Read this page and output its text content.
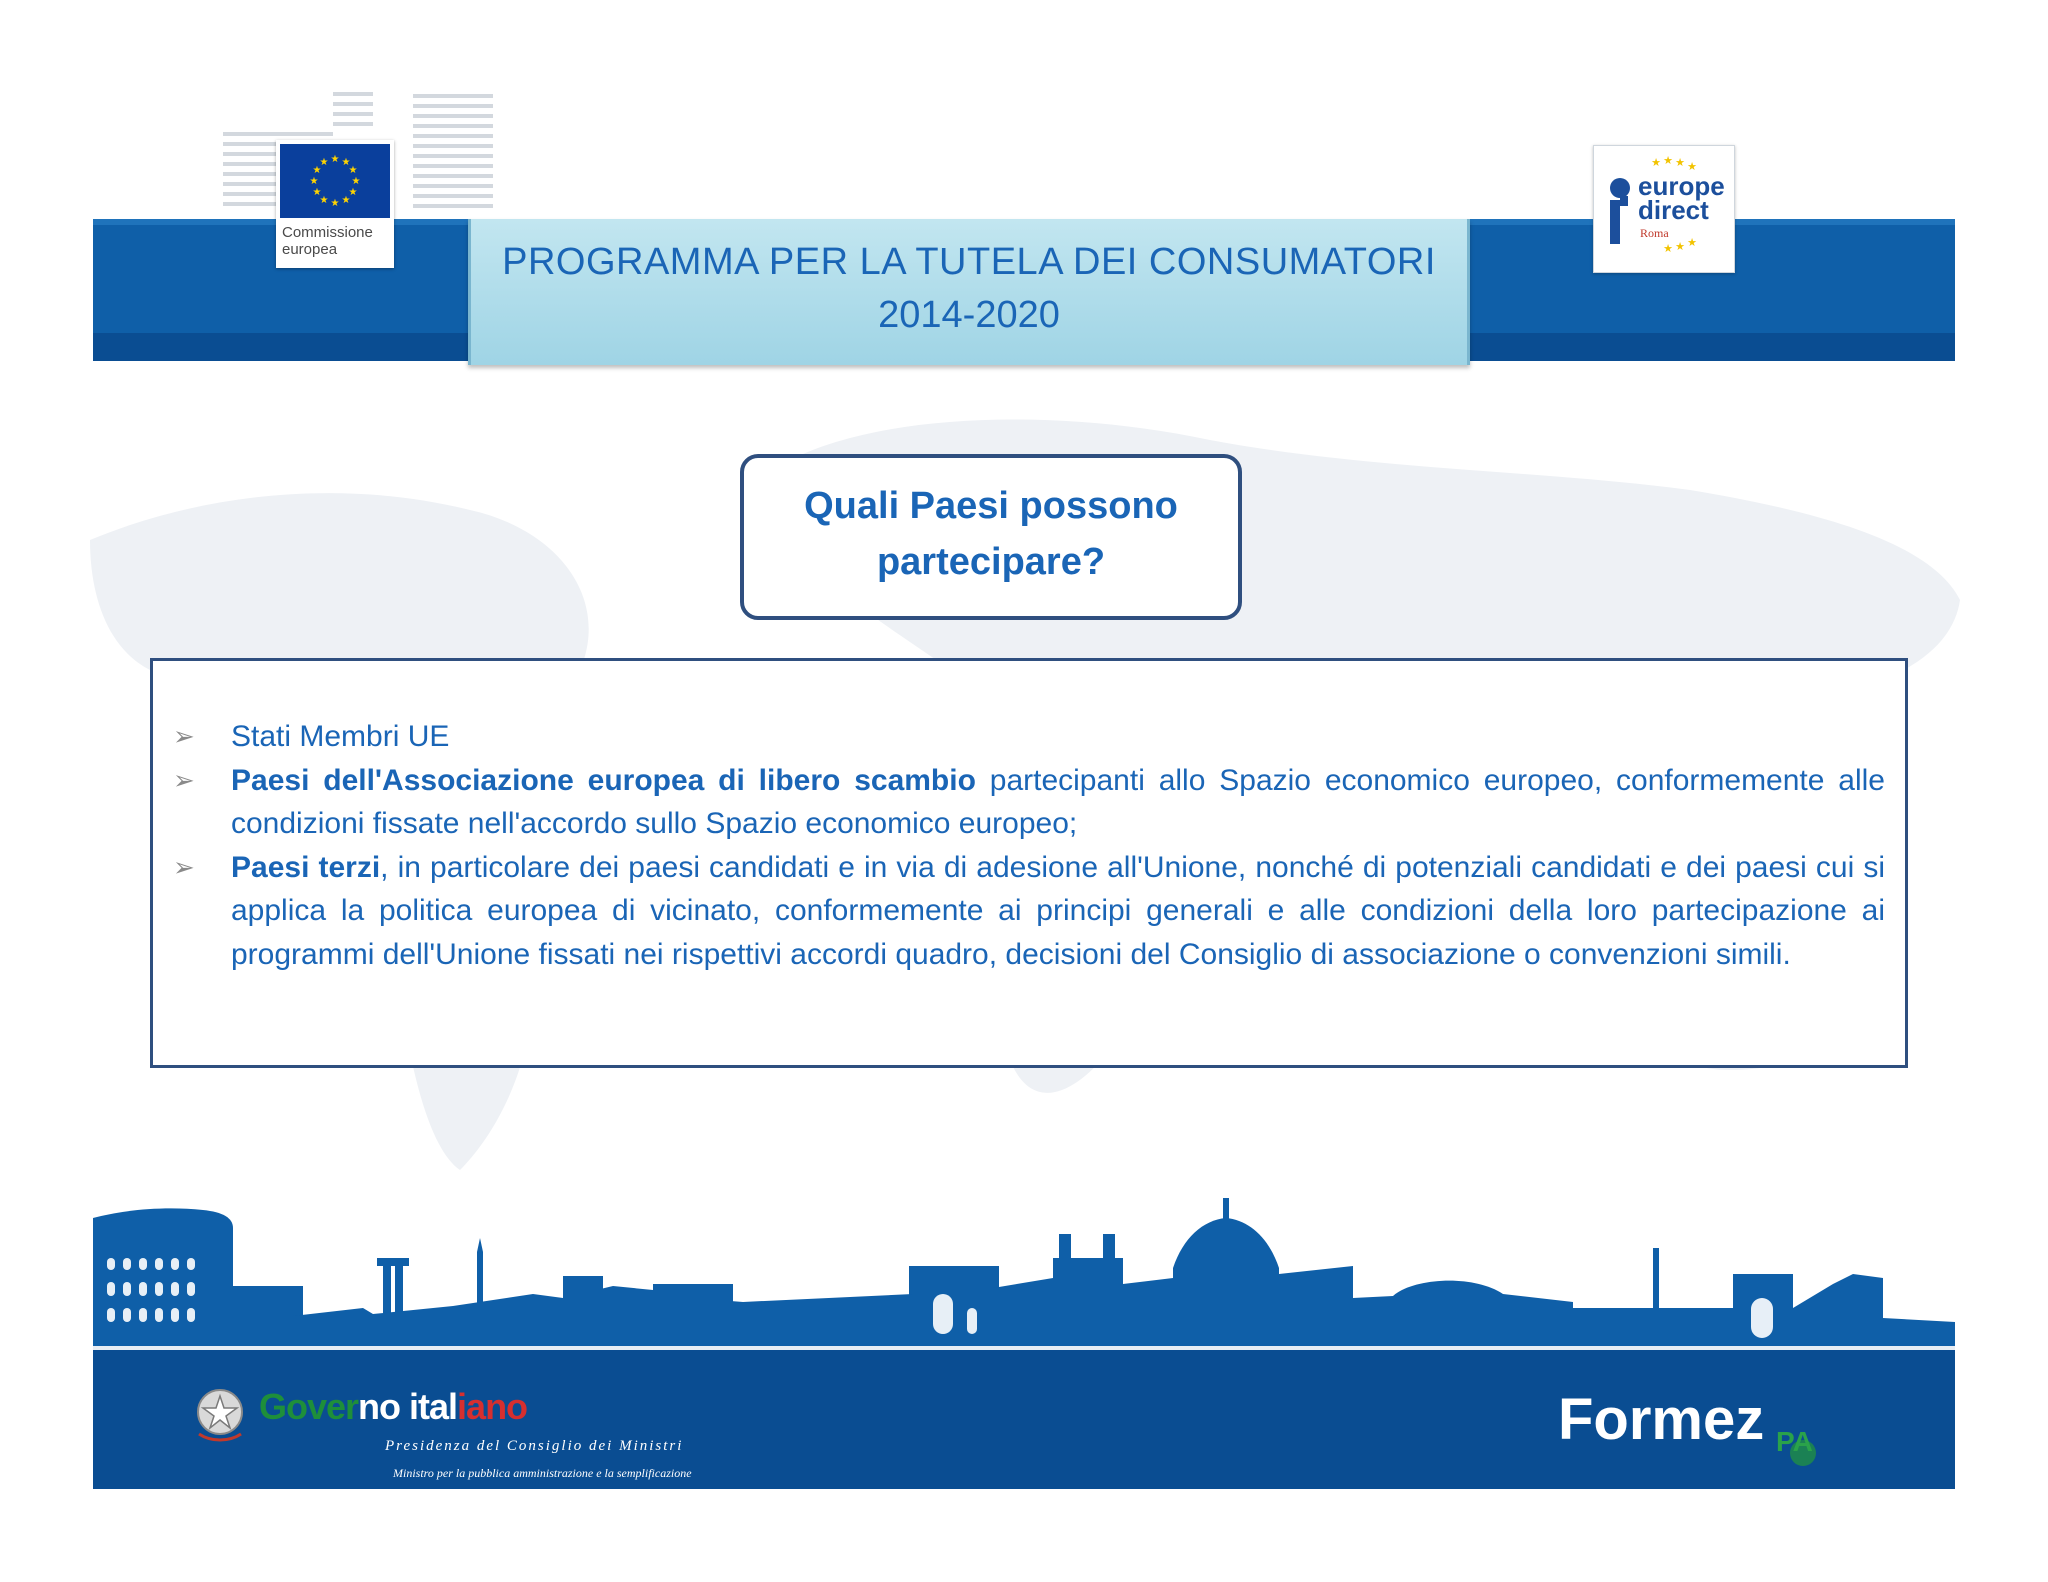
★ ★
★
★
★
★
★
★
★
★
★
★
Commissione
europea	PROGRAMMA PER LA TUTELA DEI CONSUMATORI
2014-2020
★ ★ ★
★
★ ★ ★
europe
direct
Roma
Quali Paesi possono
partecipare?
➢ Stati Membri UE
➢ Paesi dell'Associazione europea di libero scambio partecipanti allo Spazio economico europeo, conformemente alle condizioni fissate nell'accordo sullo Spazio economico europeo;
➢ Paesi terzi, in particolare dei paesi candidati e in via di adesione all'Unione, nonché di potenziali candidati e dei paesi cui si applica la politica europea di vicinato, conformemente ai principi generali e alle condizioni della loro partecipazione ai programmi dell'Unione fissati nei rispettivi accordi quadro, decisioni del Consiglio di associazione o convenzioni simili.
Governo italiano
Presidenza del Consiglio dei Ministri
Ministro per la pubblica amministrazione e la semplificazione
Formez PA
